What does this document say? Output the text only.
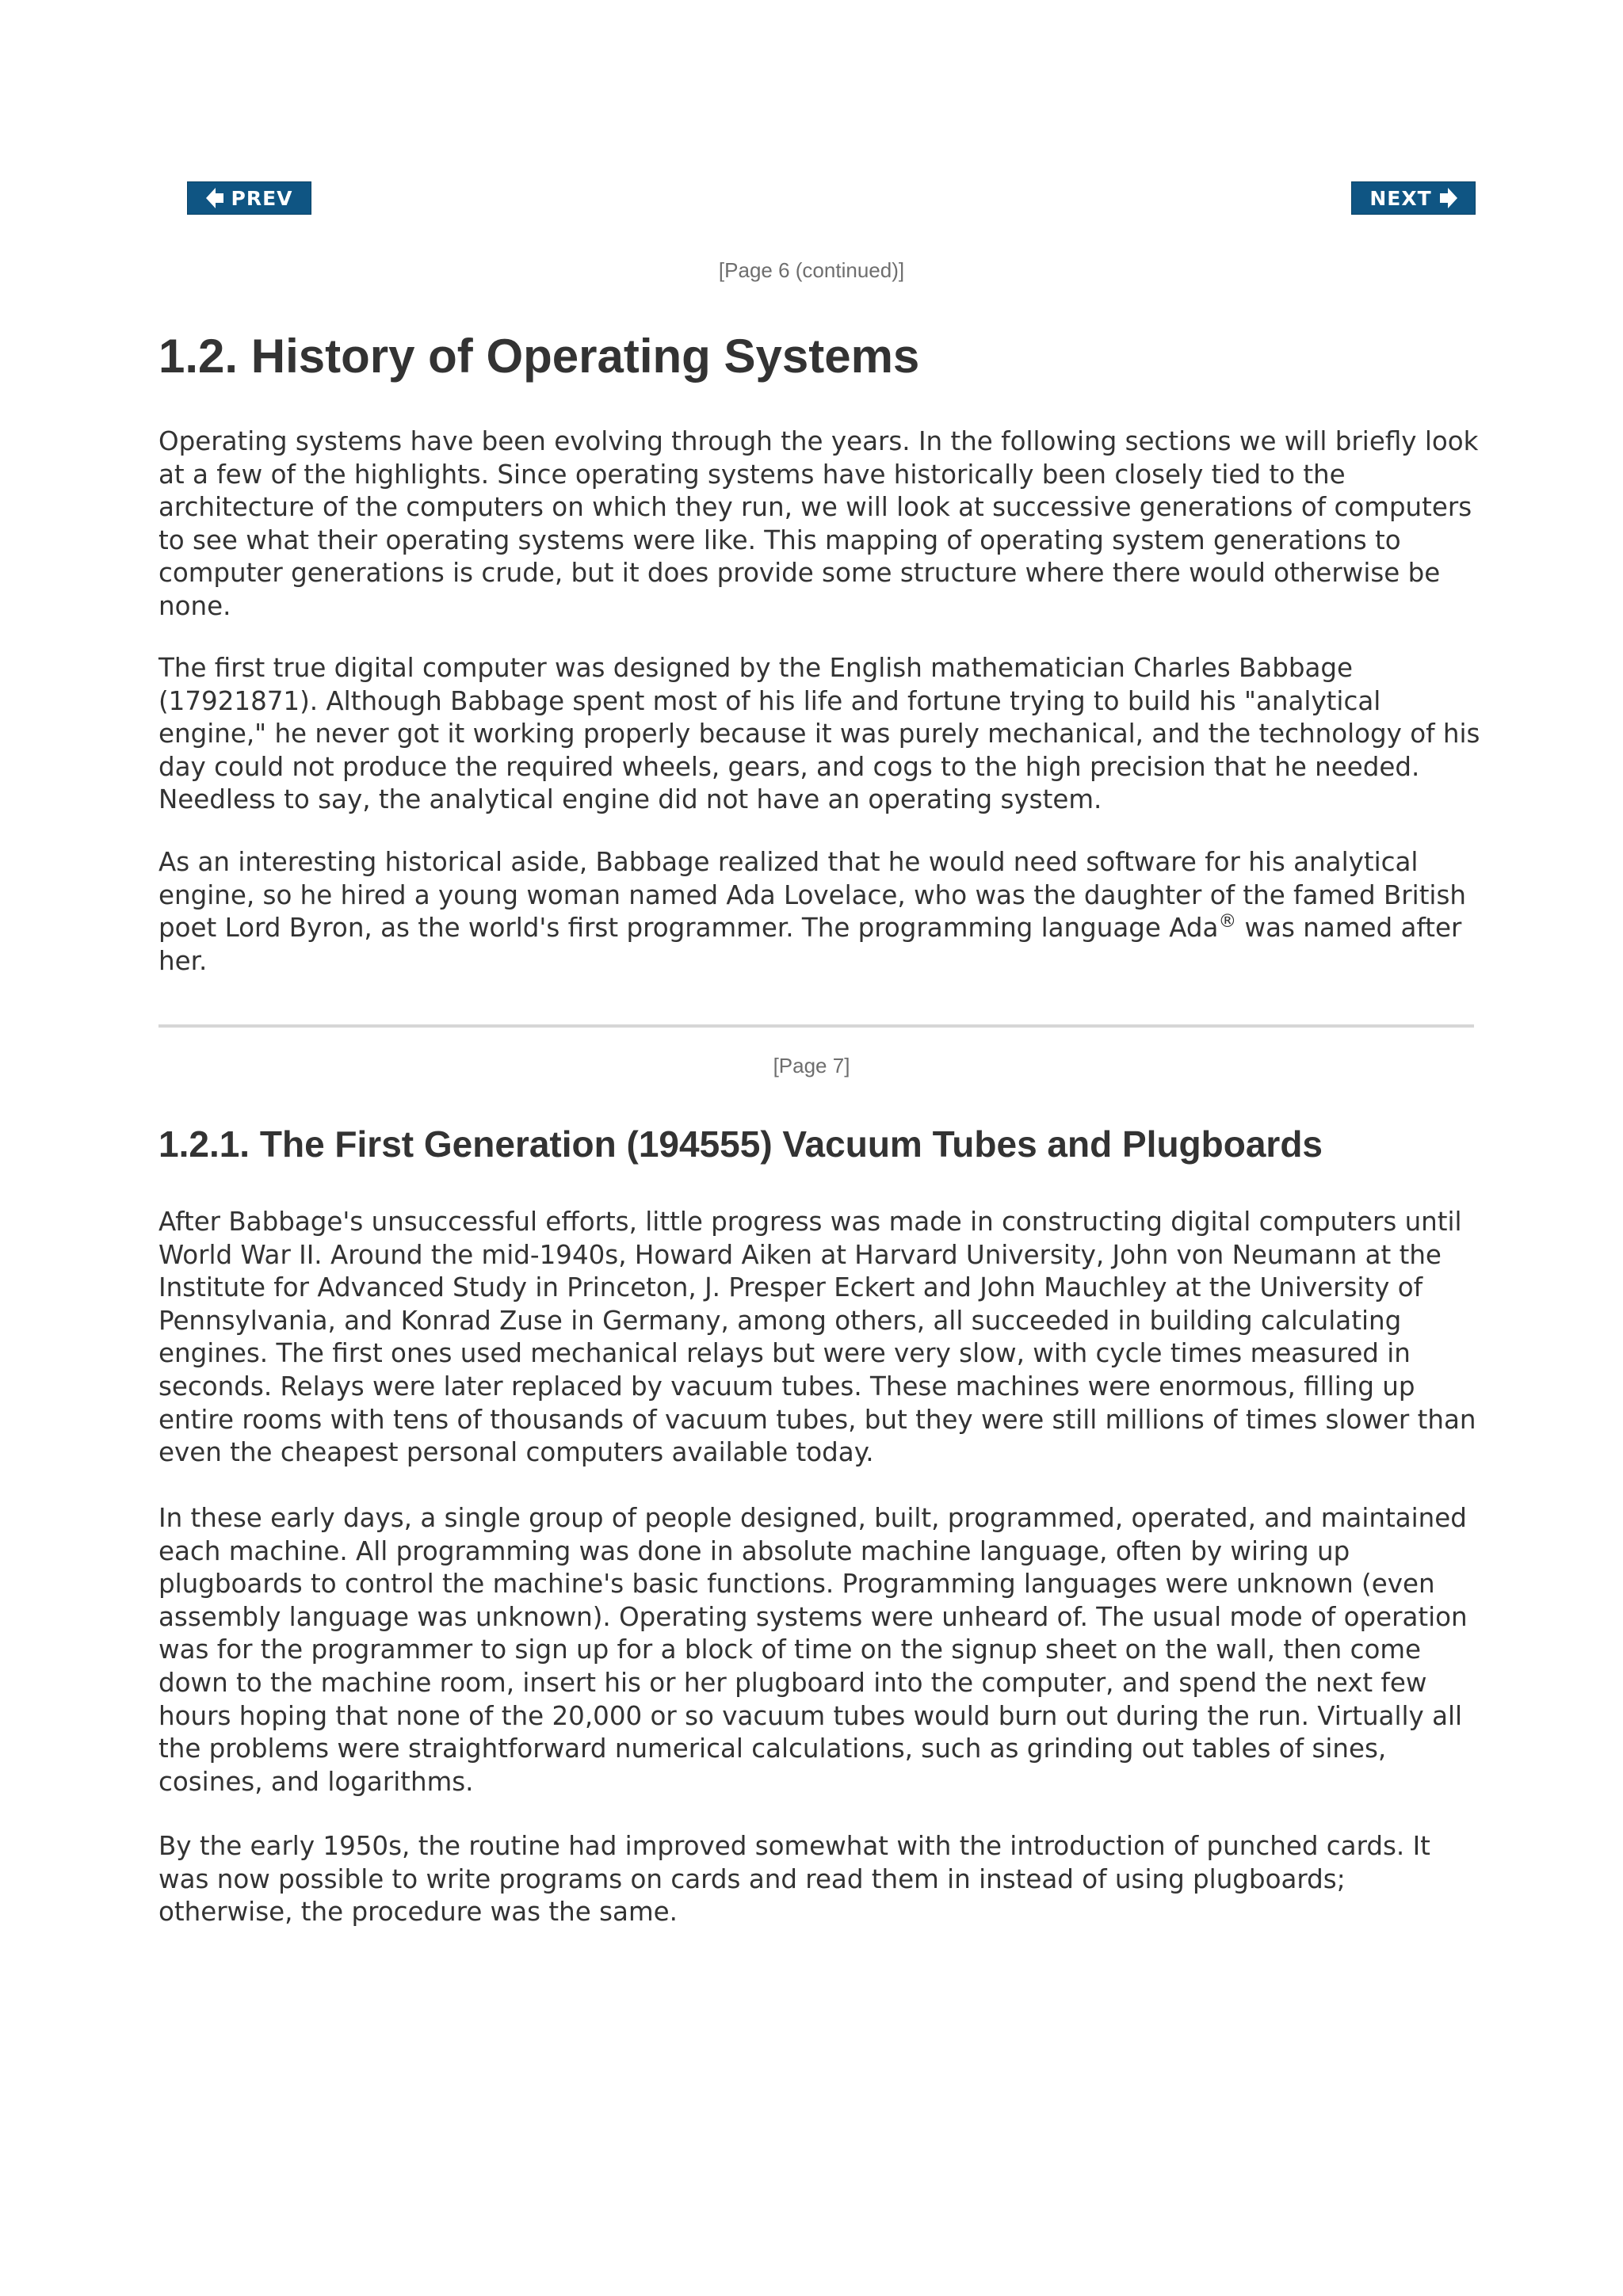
PREV	NEXT
[Page 6 (continued)]
1.2. History of Operating Systems

Operating systems have been evolving through the years. In the following sections we will briefly look at a few of the highlights. Since operating systems have historically been closely tied to the architecture of the computers on which they run, we will look at successive generations of computers to see what their operating systems were like. This mapping of operating system generations to computer generations is crude, but it does provide some structure where there would otherwise be none.

The first true digital computer was designed by the English mathematician Charles Babbage (17921871). Although Babbage spent most of his life and fortune trying to build his "analytical engine," he never got it working properly because it was purely mechanical, and the technology of his day could not produce the required wheels, gears, and cogs to the high precision that he needed. Needless to say, the analytical engine did not have an operating system.

As an interesting historical aside, Babbage realized that he would need software for his analytical engine, so he hired a young woman named Ada Lovelace, who was the daughter of the famed British poet Lord Byron, as the world's first programmer. The programming language Ada® was named after her.

[Page 7]
1.2.1. The First Generation (194555) Vacuum Tubes and Plugboards

After Babbage's unsuccessful efforts, little progress was made in constructing digital computers until World War II. Around the mid-1940s, Howard Aiken at Harvard University, John von Neumann at the Institute for Advanced Study in Princeton, J. Presper Eckert and John Mauchley at the University of Pennsylvania, and Konrad Zuse in Germany, among others, all succeeded in building calculating engines. The first ones used mechanical relays but were very slow, with cycle times measured in seconds. Relays were later replaced by vacuum tubes. These machines were enormous, filling up entire rooms with tens of thousands of vacuum tubes, but they were still millions of times slower than even the cheapest personal computers available today.

In these early days, a single group of people designed, built, programmed, operated, and maintained each machine. All programming was done in absolute machine language, often by wiring up plugboards to control the machine's basic functions. Programming languages were unknown (even assembly language was unknown). Operating systems were unheard of. The usual mode of operation was for the programmer to sign up for a block of time on the signup sheet on the wall, then come down to the machine room, insert his or her plugboard into the computer, and spend the next few hours hoping that none of the 20,000 or so vacuum tubes would burn out during the run. Virtually all the problems were straightforward numerical calculations, such as grinding out tables of sines, cosines, and logarithms.

By the early 1950s, the routine had improved somewhat with the introduction of punched cards. It was now possible to write programs on cards and read them in instead of using plugboards; otherwise, the procedure was the same.
